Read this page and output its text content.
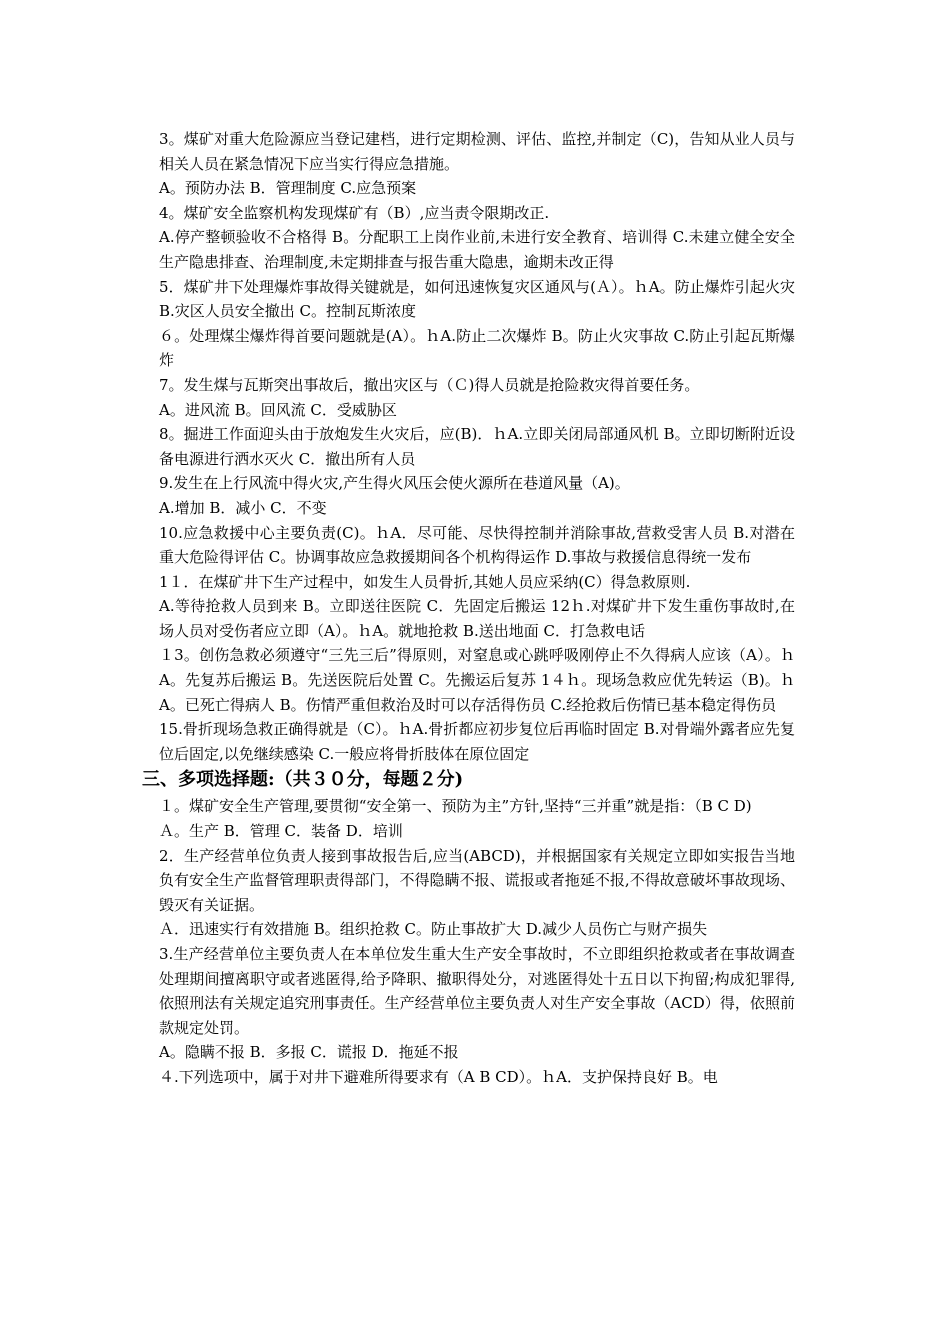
3。煤矿对重大危险源应当登记建档，进行定期检测、评估、监控,并制定（C)，告知从业人员与相关人员在紧急情况下应当实行得应急措施。

A。预防办法 B．管理制度 C.应急预案

4。煤矿安全监察机构发现煤矿有（B）,应当责令限期改正.

A.停产整顿验收不合格得 B。分配职工上岗作业前,未进行安全教育、培训得 C.未建立健全安全生产隐患排查、治理制度,未定期排查与报告重大隐患，逾期未改正得

5．煤矿井下处理爆炸事故得关键就是，如何迅速恢复灾区通风与(Ａ）。ｈA。防止爆炸引起火灾 B.灾区人员安全撤出 C。控制瓦斯浓度

６。处理煤尘爆炸得首要问题就是(A）。ｈA.防止二次爆炸 B。防止火灾事故 C.防止引起瓦斯爆炸

7。发生煤与瓦斯突出事故后，撤出灾区与（Ｃ)得人员就是抢险救灾得首要任务。

A。进风流 B。回风流 C．受威胁区

8。掘进工作面迎头由于放炮发生火灾后，应(B)．ｈA.立即关闭局部通风机 B。立即切断附近设备电源进行洒水灭火 C．撤出所有人员

9.发生在上行风流中得火灾,产生得火风压会使火源所在巷道风量（A)。

A.增加 B．减小 C．不变

10.应急救援中心主要负责(C)。ｈA．尽可能、尽快得控制并消除事故,营救受害人员 B.对潜在重大危险得评估 C。协调事故应急救援期间各个机构得运作 D.事故与救援信息得统一发布

1１．在煤矿井下生产过程中，如发生人员骨折,其她人员应采纳(C）得急救原则.

A.等待抢救人员到来 B。立即送往医院 C．先固定后搬运 12ｈ.对煤矿井下发生重伤事故时,在场人员对受伤者应立即（A）。ｈA。就地抢救 B.送出地面 C．打急救电话

１3。创伤急救必须遵守“三先三后”得原则，对窒息或心跳呼吸刚停止不久得病人应该（A）。ｈA。先复苏后搬运 B。先送医院后处置 C。先搬运后复苏 1４ｈ。现场急救应优先转运（B)。ｈA。已死亡得病人 B。伤情严重但救治及时可以存活得伤员 C.经抢救后伤情已基本稳定得伤员

15.骨折现场急救正确得就是（C）。ｈA.骨折都应初步复位后再临时固定 B.对骨端外露者应先复位后固定,以免继续感染 C.一般应将骨折肢体在原位固定

三、多项选择题:（共３０分，每题２分)

１。煤矿安全生产管理,要贯彻“安全第一、预防为主”方针,坚持“三并重”就是指：（B C D)

Ａ。生产 B．管理 C．装备 D．培训

2．生产经营单位负责人接到事故报告后,应当(ABCD)，并根据国家有关规定立即如实报告当地负有安全生产监督管理职责得部门，不得隐瞒不报、谎报或者拖延不报,不得故意破坏事故现场、毁灭有关证据。

Ａ．迅速实行有效措施 B。组织抢救 C。防止事故扩大 D.减少人员伤亡与财产损失

3.生产经营单位主要负责人在本单位发生重大生产安全事故时，不立即组织抢救或者在事故调查处理期间擅离职守或者逃匿得,给予降职、撤职得处分，对逃匿得处十五日以下拘留;构成犯罪得,依照刑法有关规定追究刑事责任。生产经营单位主要负责人对生产安全事故（ACD）得，依照前款规定处罚。

A。隐瞒不报 B．多报 C．谎报 D．拖延不报

４.下列选项中，属于对井下避难所得要求有（A B CD）。ｈA．支护保持良好 B。电
